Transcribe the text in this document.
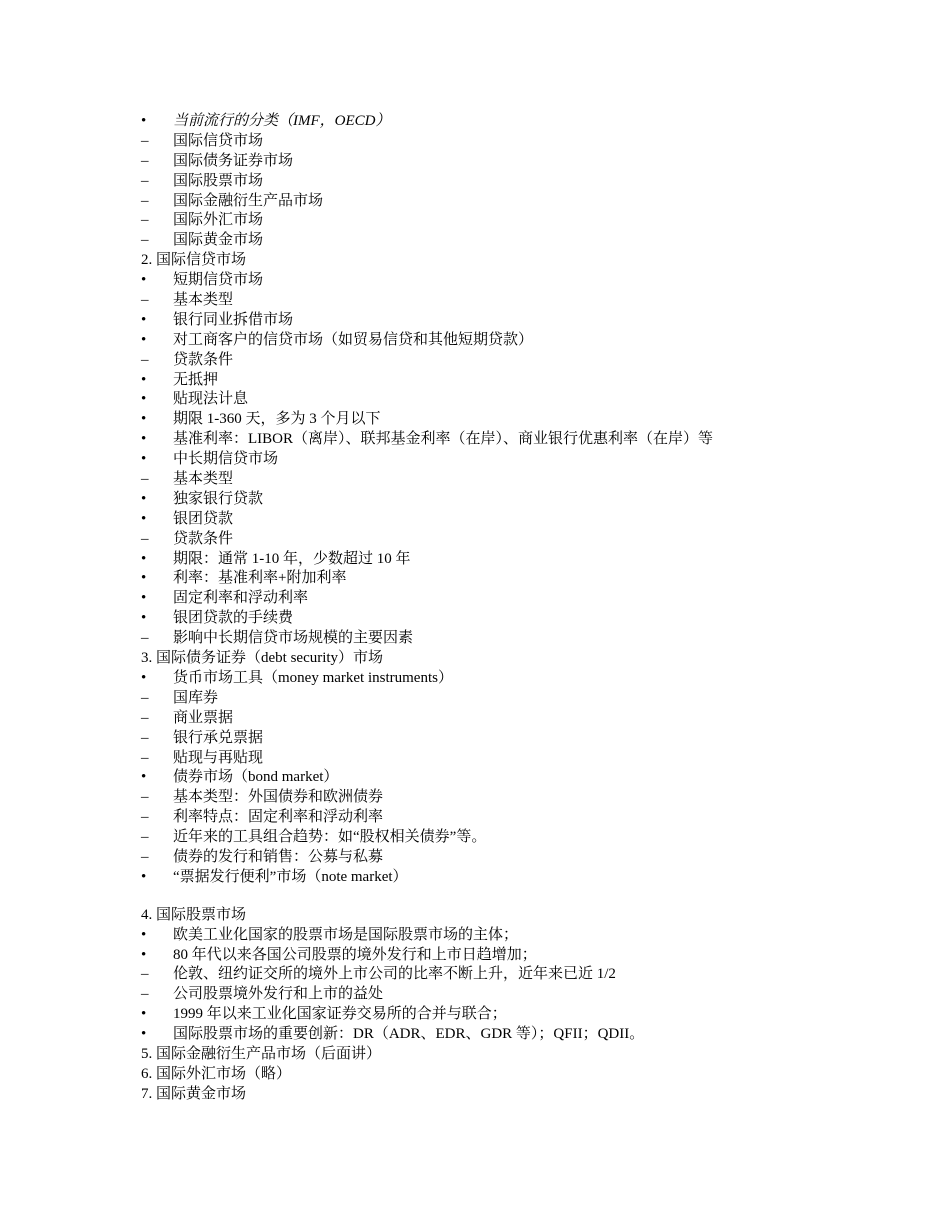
•	当前流行的分类（IMF，OECD）
–	国际信贷市场
–	国际债务证券市场
–	国际股票市场
–	国际金融衍生产品市场
–	国际外汇市场
–	国际黄金市场
2. 国际信贷市场
•	短期信贷市场
–	基本类型
•	银行同业拆借市场
•	对工商客户的信贷市场（如贸易信贷和其他短期贷款）
–	贷款条件
•	无抵押
•	贴现法计息
•	期限 1-360 天，多为 3 个月以下
•	基准利率：LIBOR（离岸）、联邦基金利率（在岸）、商业银行优惠利率（在岸）等
•	中长期信贷市场
–	基本类型
•	独家银行贷款
•	银团贷款
–	贷款条件
•	期限：通常 1-10 年，少数超过 10 年
•	利率：基准利率+附加利率
•	固定利率和浮动利率
•	银团贷款的手续费
–	影响中长期信贷市场规模的主要因素
3. 国际债务证券（debt security）市场
•	货币市场工具（money market instruments）
–	国库券
–	商业票据
–	银行承兑票据
–	贴现与再贴现
•	债券市场（bond market）
–	基本类型：外国债券和欧洲债券
–	利率特点：固定利率和浮动利率
–	近年来的工具组合趋势：如“股权相关债券”等。
–	债券的发行和销售：公募与私募
•	“票据发行便利”市场（note market）
4. 国际股票市场
•	欧美工业化国家的股票市场是国际股票市场的主体；
•	80 年代以来各国公司股票的境外发行和上市日趋增加；
–	伦敦、纽约证交所的境外上市公司的比率不断上升，近年来已近 1/2
–	公司股票境外发行和上市的益处
•	1999 年以来工业化国家证券交易所的合并与联合；
•	国际股票市场的重要创新：DR（ADR、EDR、GDR 等）；QFII；QDII。
5. 国际金融衍生产品市场（后面讲）
6. 国际外汇市场（略）
7. 国际黄金市场
